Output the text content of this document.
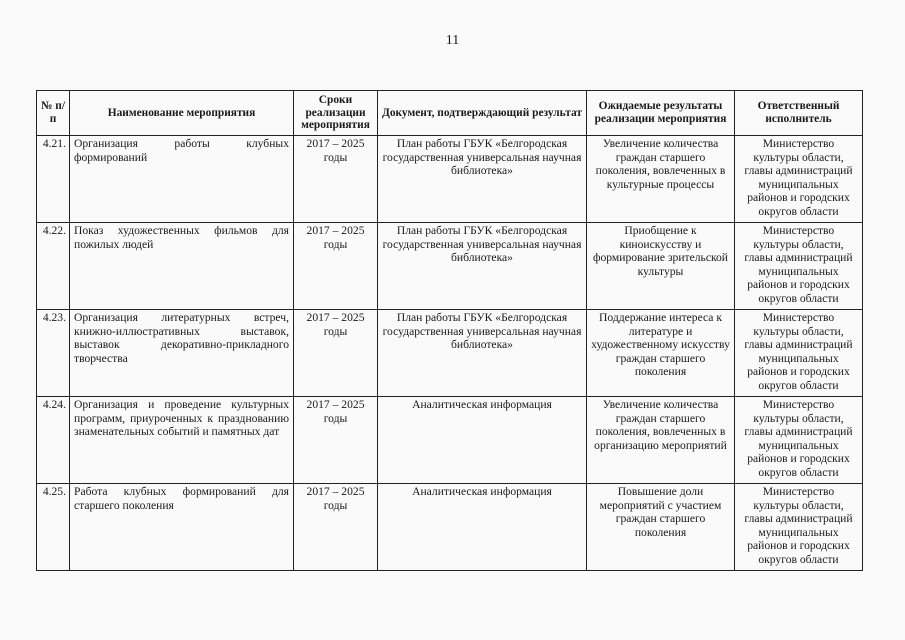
11
№ п/п	Наименование мероприятия	Сроки реализации мероприятия	Документ, подтверждающий результат	Ожидаемые результаты реализации мероприятия	Ответственный исполнитель
4.21.	Организация работы клубных формирований	2017 – 2025 годы	План работы ГБУК «Белгородская государственная универсальная научная библиотека»	Увеличение количества граждан старшего поколения, вовлеченных в культурные процессы	Министерство культуры области, главы администраций муниципальных районов и городских округов области
4.22.	Показ художественных фильмов для пожилых людей	2017 – 2025 годы	План работы ГБУК «Белгородская государственная универсальная научная библиотека»	Приобщение к киноискусству и формирование зрительской культуры	Министерство культуры области, главы администраций муниципальных районов и городских округов области
4.23.	Организация литературных встреч, книжно-иллюстративных выставок, выставок декоративно-прикладного творчества	2017 – 2025 годы	План работы ГБУК «Белгородская государственная универсальная научная библиотека»	Поддержание интереса к литературе и художественному искусству граждан старшего поколения	Министерство культуры области, главы администраций муниципальных районов и городских округов области
4.24.	Организация и проведение культурных программ, приуроченных к празднованию знаменательных событий и памятных дат	2017 – 2025 годы	Аналитическая информация	Увеличение количества граждан старшего поколения, вовлеченных в организацию мероприятий	Министерство культуры области, главы администраций муниципальных районов и городских округов области
4.25.	Работа клубных формирований для старшего поколения	2017 – 2025 годы	Аналитическая информация	Повышение доли мероприятий с участием граждан старшего поколения	Министерство культуры области, главы администраций муниципальных районов и городских округов области
